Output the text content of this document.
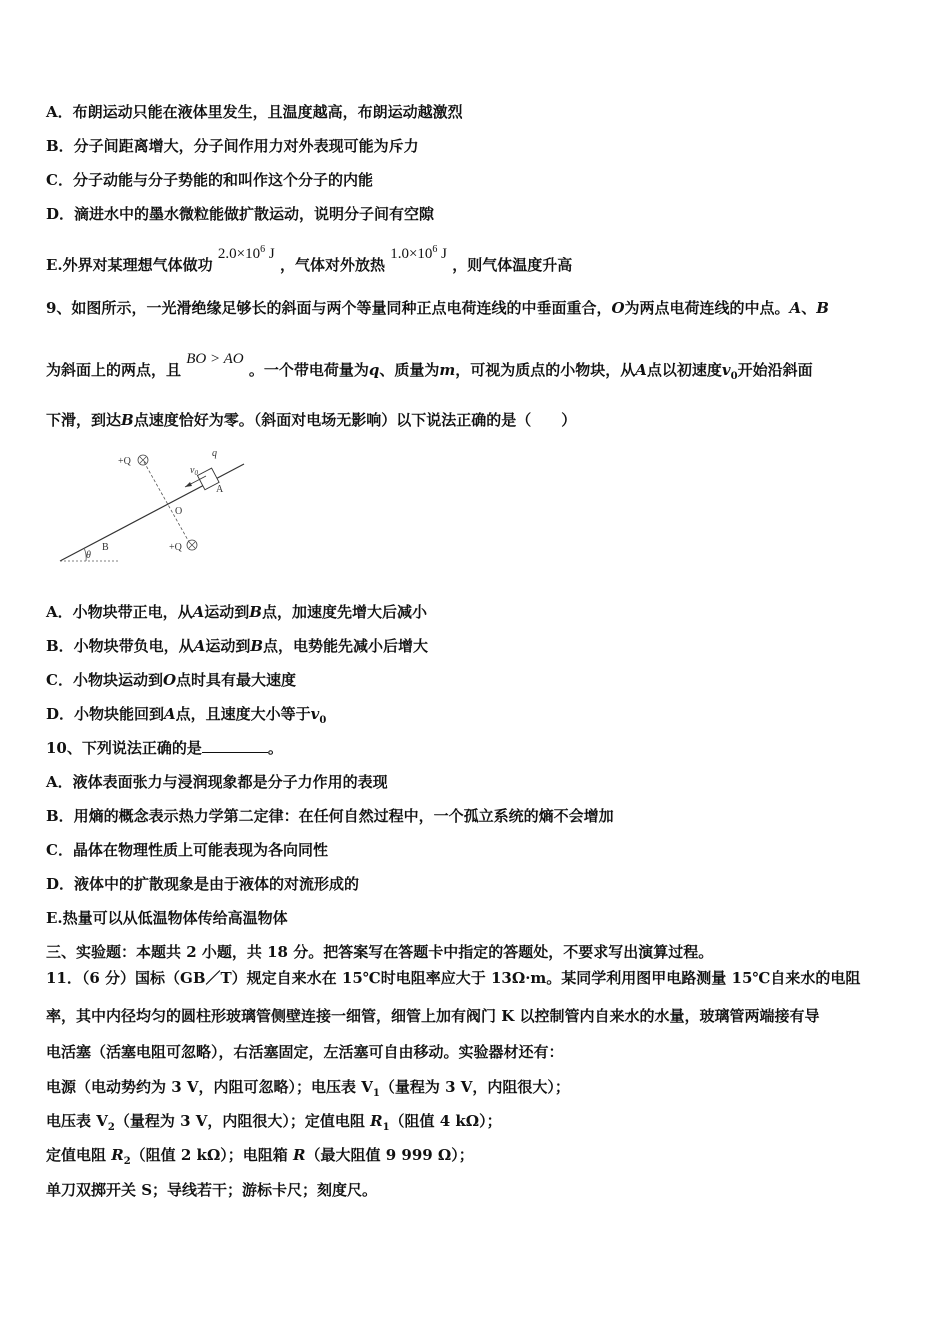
A．布朗运动只能在液体里发生，且温度越高，布朗运动越激烈
B．分子间距离增大，分子间作用力对外表现可能为斥力
C．分子动能与分子势能的和叫作这个分子的内能
D．滴进水中的墨水微粒能做扩散运动，说明分子间有空隙
E.外界对某理想气体做功 $2.0\times 10^6$ J ，气体对外放热 $1.0\times 10^6$ J ，则气体温度升高
9、如图所示，一光滑绝缘足够长的斜面与两个等量同种正点电荷连线的中垂面重合，O为两点电荷连线的中点。A、B
为斜面上的两点，且 BO > AO 。一个带电荷量为q、质量为m，可视为质点的小物块，从A点以初速度$v_0$开始沿斜面
下滑，到达B点速度恰好为零。（斜面对电场无影响）以下说法正确的是（　　）
θ
B
+Q
+Q
O
q
$v_0$
A
A．小物块带正电，从A运动到B点，加速度先增大后减小
B．小物块带负电，从A运动到B点，电势能先减小后增大
C．小物块运动到O点时具有最大速度
D．小物块能回到A点，且速度大小等于$v_0$
10、下列说法正确的是	。
A．液体表面张力与浸润现象都是分子力作用的表现
B．用熵的概念表示热力学第二定律：在任何自然过程中，一个孤立系统的熵不会增加
C．晶体在物理性质上可能表现为各向同性
D．液体中的扩散现象是由于液体的对流形成的
E.热量可以从低温物体传给高温物体
三、实验题：本题共 2 小题，共 18 分。把答案写在答题卡中指定的答题处，不要求写出演算过程。
11．（6 分）国标（GB／T）规定自来水在 15℃时电阻率应大于 13Ω·m。某同学利用图甲电路测量 15℃自来水的电阻
率，其中内径均匀的圆柱形玻璃管侧壁连接一细管，细管上加有阀门 K 以控制管内自来水的水量，玻璃管两端接有导
电活塞（活塞电阻可忽略），右活塞固定，左活塞可自由移动。实验器材还有：
电源（电动势约为 3 V，内阻可忽略）；电压表 $V_1$（量程为 3 V，内阻很大）；
电压表 $V_2$（量程为 3 V，内阻很大）；定值电阻 $R_1$（阻值 4 kΩ）；
定值电阻 $R_2$（阻值 2 kΩ）；电阻箱 R（最大阻值 9 999 Ω）；
单刀双掷开关 S；导线若干；游标卡尺；刻度尺。
